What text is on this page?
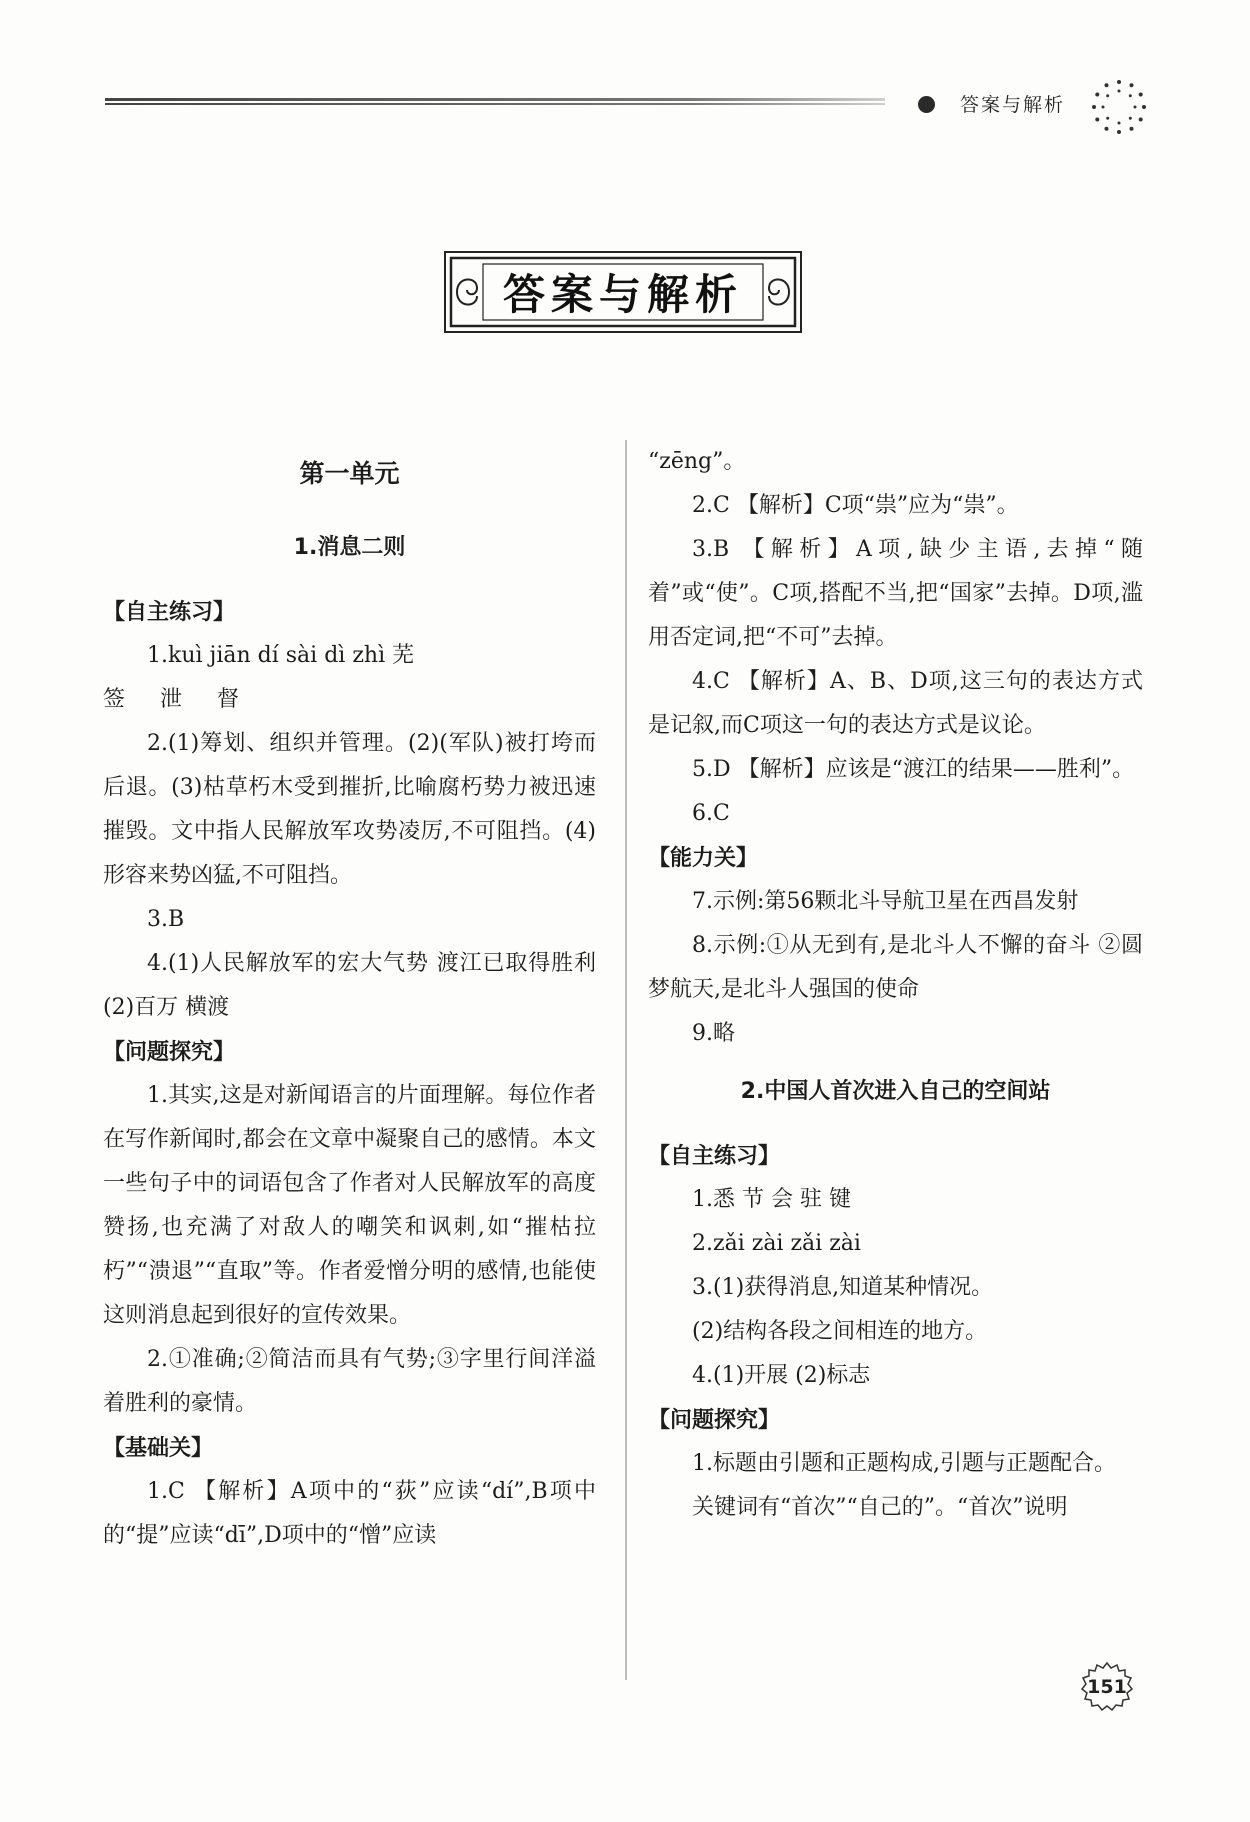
答案与解析
答案与解析

第一单元

1.消息二则

【自主练习】

1.kuì jiān dí sài dì zhì 芜

签 泄 督

2.(1)筹划、组织并管理。(2)(军队)被打垮而后退。(3)枯草朽木受到摧折,比喻腐朽势力被迅速摧毁。文中指人民解放军攻势凌厉,不可阻挡。(4)形容来势凶猛,不可阻挡。

3.B

4.(1)人民解放军的宏大气势 渡江已取得胜利 (2)百万 横渡

【问题探究】

1.其实,这是对新闻语言的片面理解。每位作者在写作新闻时,都会在文章中凝聚自己的感情。本文一些句子中的词语包含了作者对人民解放军的高度赞扬,也充满了对敌人的嘲笑和讽刺,如“摧枯拉朽”“溃退”“直取”等。作者爱憎分明的感情,也能使这则消息起到很好的宣传效果。

2.①准确;②简洁而具有气势;③字里行间洋溢着胜利的豪情。

【基础关】

1.C 【解析】A项中的“荻”应读“dí”,B项中的“提”应读“dī”,D项中的“憎”应读

“zēng”。

2.C 【解析】C项“祟”应为“祟”。

3.B 【解析】A项,缺少主语,去掉“随着”或“使”。C项,搭配不当,把“国家”去掉。D项,滥用否定词,把“不可”去掉。

4.C 【解析】A、B、D项,这三句的表达方式是记叙,而C项这一句的表达方式是议论。

5.D 【解析】应该是“渡江的结果——胜利”。

6.C

【能力关】

7.示例:第56颗北斗导航卫星在西昌发射

8.示例:①从无到有,是北斗人不懈的奋斗 ②圆梦航天,是北斗人强国的使命

9.略

2.中国人首次进入自己的空间站

【自主练习】

1.悉 节 会 驻 键

2.zǎi zài zǎi zài

3.(1)获得消息,知道某种情况。

(2)结构各段之间相连的地方。

4.(1)开展 (2)标志

【问题探究】

1.标题由引题和正题构成,引题与正题配合。

关键词有“首次”“自己的”。“首次”说明

151
